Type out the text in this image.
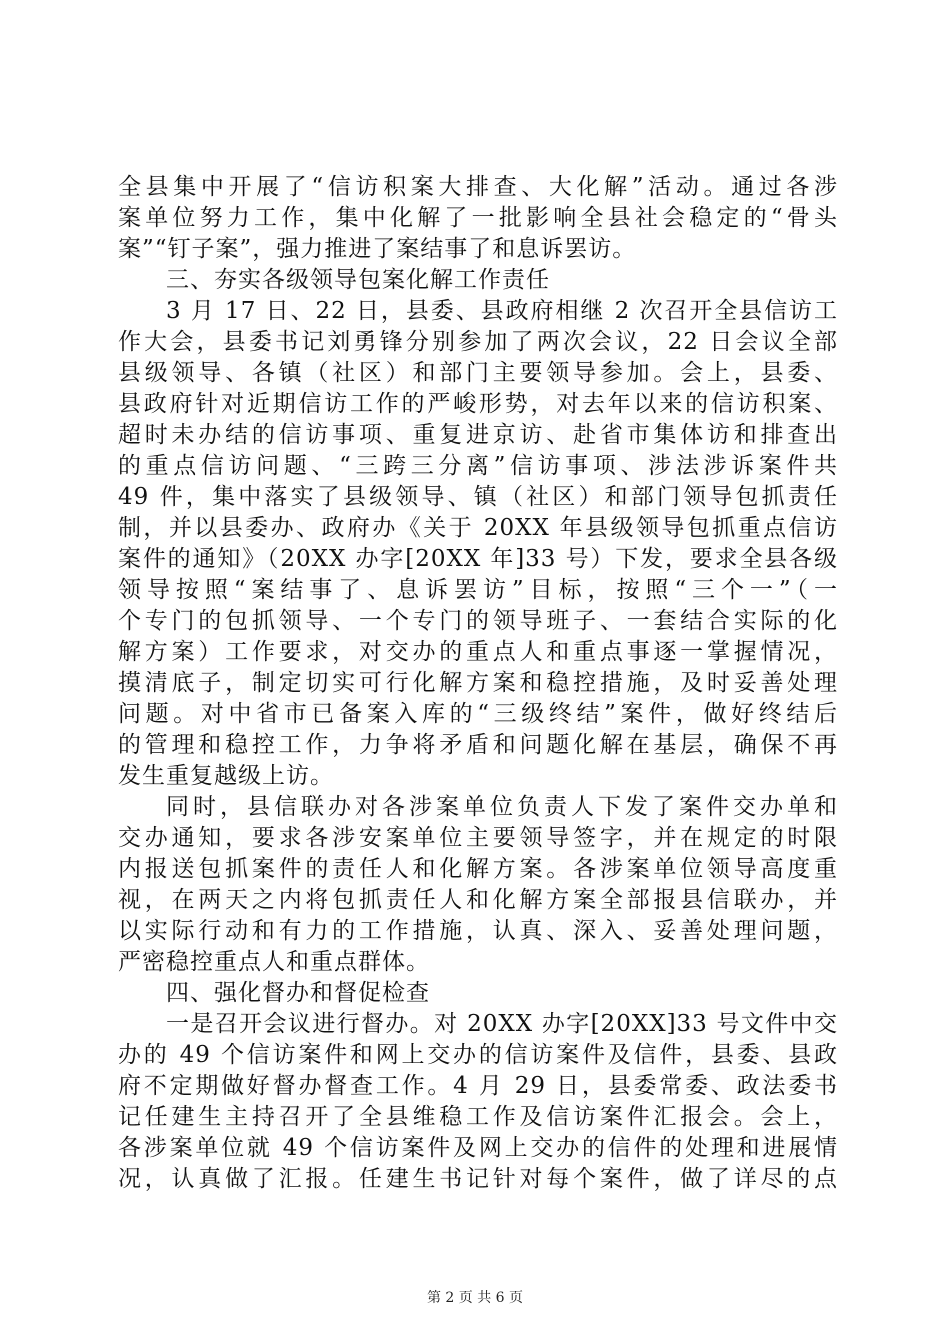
全县集中开展了“信访积案大排查、大化解”活动。通过各涉
案单位努力工作，集中化解了一批影响全县社会稳定的“骨头
案”“钉子案”，强力推进了案结事了和息诉罢访。
三、夯实各级领导包案化解工作责任
3 月 17 日、22 日，县委、县政府相继 2 次召开全县信访工
作大会，县委书记刘勇锋分别参加了两次会议，22 日会议全部
县级领导、各镇（社区）和部门主要领导参加。会上，县委、
县政府针对近期信访工作的严峻形势，对去年以来的信访积案、
超时未办结的信访事项、重复进京访、赴省市集体访和排查出
的重点信访问题、“三跨三分离”信访事项、涉法涉诉案件共
49 件，集中落实了县级领导、镇（社区）和部门领导包抓责任
制，并以县委办、政府办《关于 20XX 年县级领导包抓重点信访
案件的通知》（20XX 办字[20XX 年]33 号）下发，要求全县各级
领导按照“案结事了、息诉罢访”目标，按照“三个一”（一
个专门的包抓领导、一个专门的领导班子、一套结合实际的化
解方案）工作要求，对交办的重点人和重点事逐一掌握情况，
摸清底子，制定切实可行化解方案和稳控措施，及时妥善处理
问题。对中省市已备案入库的“三级终结”案件，做好终结后
的管理和稳控工作，力争将矛盾和问题化解在基层，确保不再
发生重复越级上访。
同时，县信联办对各涉案单位负责人下发了案件交办单和
交办通知，要求各涉安案单位主要领导签字，并在规定的时限
内报送包抓案件的责任人和化解方案。各涉案单位领导高度重
视，在两天之内将包抓责任人和化解方案全部报县信联办，并
以实际行动和有力的工作措施，认真、深入、妥善处理问题，
严密稳控重点人和重点群体。
四、强化督办和督促检查
一是召开会议进行督办。对 20XX 办字[20XX]33 号文件中交
办的 49 个信访案件和网上交办的信访案件及信件，县委、县政
府不定期做好督办督查工作。4 月 29 日，县委常委、政法委书
记任建生主持召开了全县维稳工作及信访案件汇报会。会上，
各涉案单位就 49 个信访案件及网上交办的信件的处理和进展情
况，认真做了汇报。任建生书记针对每个案件，做了详尽的点
第 2 页 共 6 页
